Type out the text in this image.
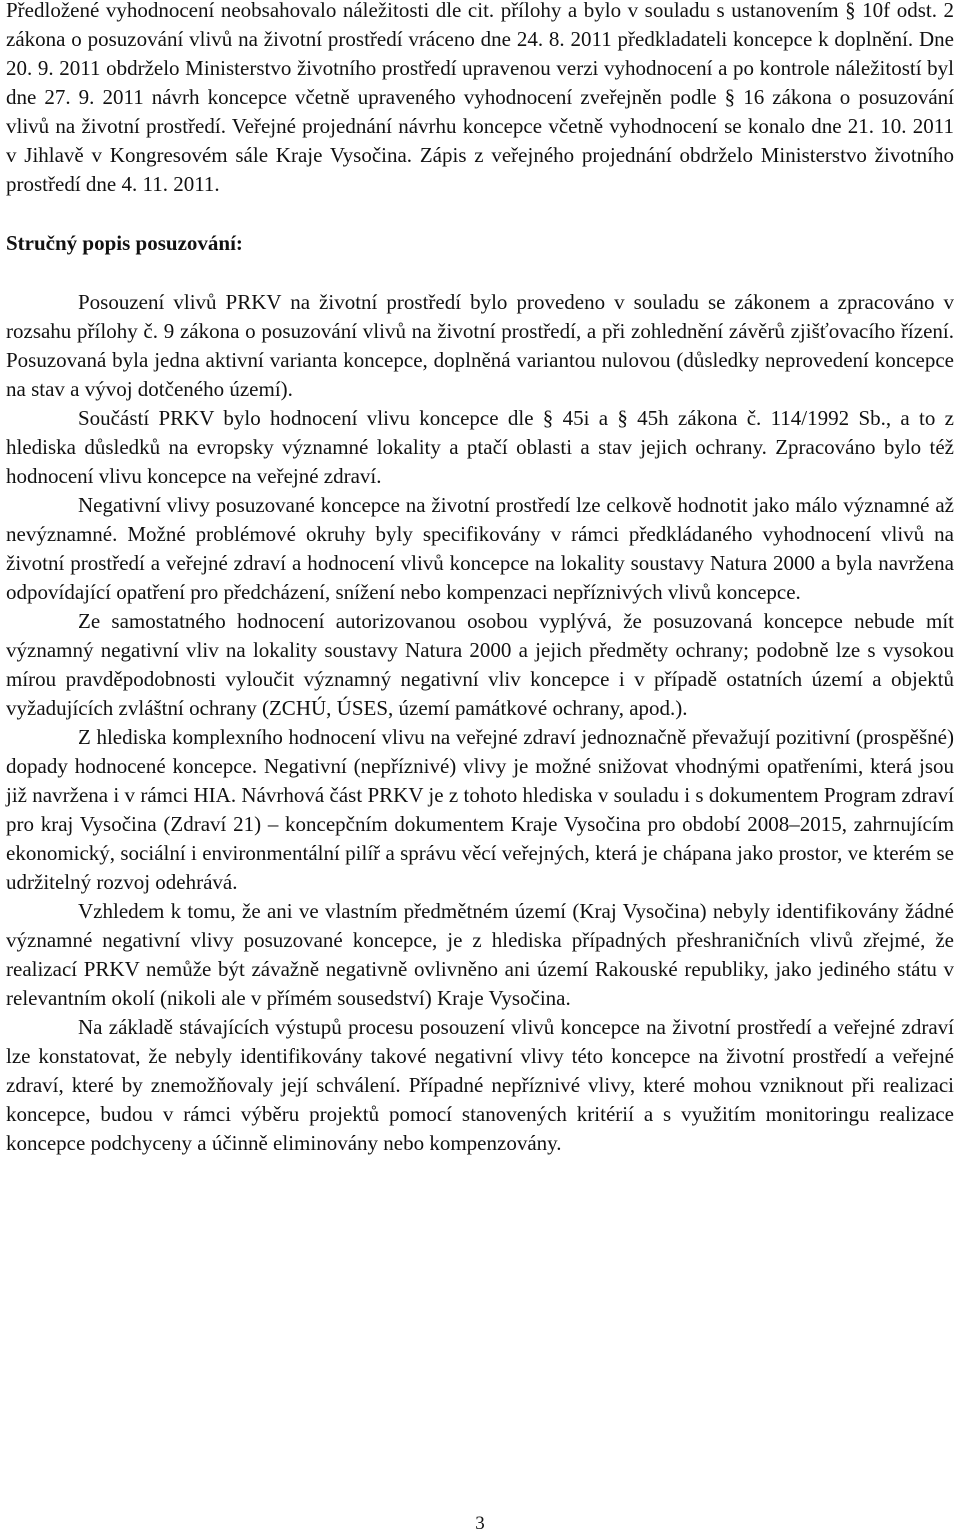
Předložené vyhodnocení neobsahovalo náležitosti dle cit. přílohy a bylo v souladu s ustanovením § 10f odst. 2 zákona o posuzování vlivů na životní prostředí vráceno dne 24. 8. 2011 předkladateli koncepce k doplnění. Dne 20. 9. 2011 obdrželo Ministerstvo životního prostředí upravenou verzi vyhodnocení a po kontrole náležitostí byl dne 27. 9. 2011 návrh koncepce včetně upraveného vyhodnocení zveřejněn podle § 16 zákona o posuzování vlivů na životní prostředí. Veřejné projednání návrhu koncepce včetně vyhodnocení se konalo dne 21. 10. 2011 v Jihlavě v Kongresovém sále Kraje Vysočina. Zápis z veřejného projednání obdrželo Ministerstvo životního prostředí dne 4. 11. 2011.

Stručný popis posuzování:

Posouzení vlivů PRKV na životní prostředí bylo provedeno v souladu se zákonem a zpracováno v rozsahu přílohy č. 9 zákona o posuzování vlivů na životní prostředí, a při zohlednění závěrů zjišťovacího řízení. Posuzovaná byla jedna aktivní varianta koncepce, doplněná variantou nulovou (důsledky neprovedení koncepce na stav a vývoj dotčeného území).

Součástí PRKV bylo hodnocení vlivu koncepce dle § 45i a § 45h zákona č. 114/1992 Sb., a to z hlediska důsledků na evropsky významné lokality a ptačí oblasti a stav jejich ochrany. Zpracováno bylo též hodnocení vlivu koncepce na veřejné zdraví.

Negativní vlivy posuzované koncepce na životní prostředí lze celkově hodnotit jako málo významné až nevýznamné. Možné problémové okruhy byly specifikovány v rámci předkládaného vyhodnocení vlivů na životní prostředí a veřejné zdraví a hodnocení vlivů koncepce na lokality soustavy Natura 2000 a byla navržena odpovídající opatření pro předcházení, snížení nebo kompenzaci nepříznivých vlivů koncepce.

Ze samostatného hodnocení autorizovanou osobou vyplývá, že posuzovaná koncepce nebude mít významný negativní vliv na lokality soustavy Natura 2000 a jejich předměty ochrany; podobně lze s vysokou mírou pravděpodobnosti vyloučit významný negativní vliv koncepce i v případě ostatních území a objektů vyžadujících zvláštní ochrany (ZCHÚ, ÚSES, území památkové ochrany, apod.).

Z hlediska komplexního hodnocení vlivu na veřejné zdraví jednoznačně převažují pozitivní (prospěšné) dopady hodnocené koncepce. Negativní (nepříznivé) vlivy je možné snižovat vhodnými opatřeními, která jsou již navržena i v rámci HIA. Návrhová část PRKV je z tohoto hlediska v souladu i s dokumentem Program zdraví pro kraj Vysočina (Zdraví 21) – koncepčním dokumentem Kraje Vysočina pro období 2008–2015, zahrnujícím ekonomický, sociální i environmentální pilíř a správu věcí veřejných, která je chápana jako prostor, ve kterém se udržitelný rozvoj odehrává.

Vzhledem k tomu, že ani ve vlastním předmětném území (Kraj Vysočina) nebyly identifikovány žádné významné negativní vlivy posuzované koncepce, je z hlediska případných přeshraničních vlivů zřejmé, že realizací PRKV nemůže být závažně negativně ovlivněno ani území Rakouské republiky, jako jediného státu v relevantním okolí (nikoli ale v přímém sousedství) Kraje Vysočina.

Na základě stávajících výstupů procesu posouzení vlivů koncepce na životní prostředí a veřejné zdraví lze konstatovat, že nebyly identifikovány takové negativní vlivy této koncepce na životní prostředí a veřejné zdraví, které by znemožňovaly její schválení. Případné nepříznivé vlivy, které mohou vzniknout při realizaci koncepce, budou v rámci výběru projektů pomocí stanovených kritérií a s využitím monitoringu realizace koncepce podchyceny a účinně eliminovány nebo kompenzovány.

3
